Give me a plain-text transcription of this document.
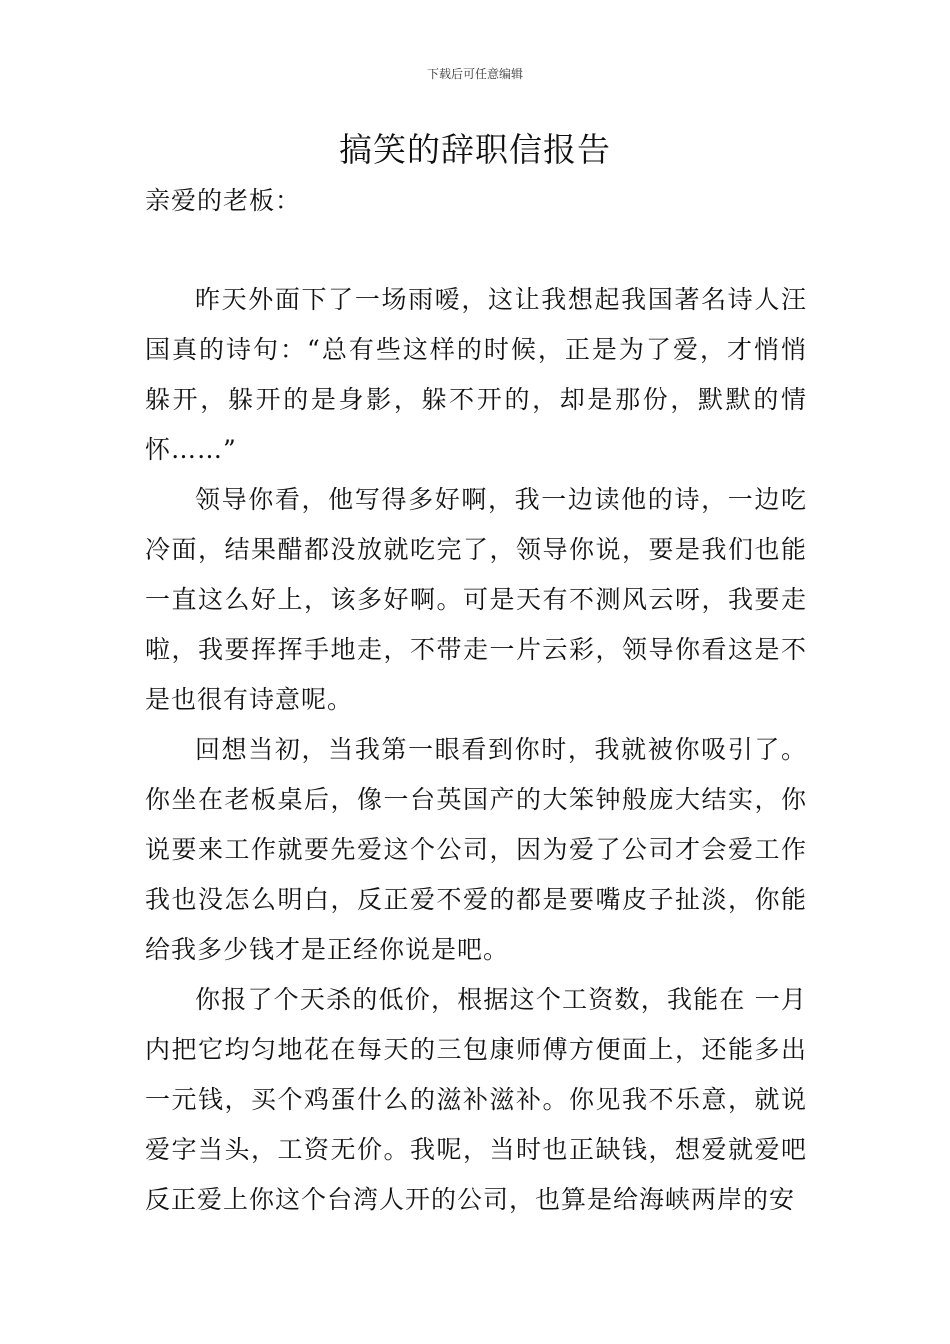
下载后可任意编辑
搞笑的辞职信报告
亲爱的老板：

昨天外面下了一场雨嗳，这让我想起我国著名诗人汪国真的诗句：“总有些这样的时候，正是为了爱，才悄悄躲开，躲开的是身影，躲不开的，却是那份，默默的情怀……”

领导你看，他写得多好啊，我一边读他的诗，一边吃冷面，结果醋都没放就吃完了，领导你说，要是我们也能一直这么好上，该多好啊。可是天有不测风云呀，我要走啦，我要挥挥手地走，不带走一片云彩，领导你看这是不是也很有诗意呢。

回想当初，当我第一眼看到你时，我就被你吸引了。你坐在老板桌后，像一台英国产的大笨钟般庞大结实，你说要来工作就要先爱这个公司，因为爱了公司才会爱工作我也没怎么明白，反正爱不爱的都是要嘴皮子扯淡，你能给我多少钱才是正经你说是吧。

你报了个天杀的低价，根据这个工资数，我能在 一月内把它均匀地花在每天的三包康师傅方便面上，还能多出一元钱，买个鸡蛋什么的滋补滋补。你见我不乐意，就说爱字当头，工资无价。我呢，当时也正缺钱，想爱就爱吧反正爱上你这个台湾人开的公司，也算是给海峡两岸的安
